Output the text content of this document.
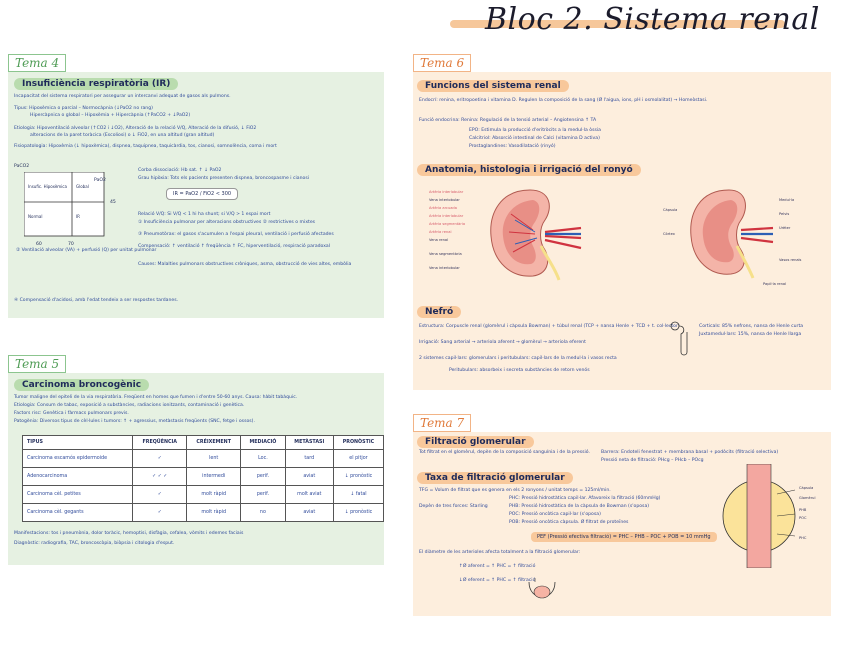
Bloc 2. Sistema renal
Tema 4
Insuficiència respiratòria (IR)
Incapacitat del sistema respiratori per assegurar un intercanvi adequat de gasos als pulmons.
Tipus: Hipoxèmica o parcial – Normocàpnia (↓PaO2 no rang)
Hipercàpnica o global – Hipoxèmia + Hipercàpnia (↑PaCO2 + ↓PaO2)
Etiologia: Hipoventilació alveolar (↑CO2 i ↓O2), Alteració de la relació V/Q, Alteració de la difusió, ↓ FiO2
alteracions de la paret toràcica (Escoliosi) o ↓ FiO2, en una altitud (gran altitud)
Fisiopatologia: Hipoxèmia (↓ hipoxèmica), dispnea, taquipnea, taquicàrdia, tos, cianosi, somnolència, coma i mort
PaCO2
Insufic. Hipoxèmica Global
Normal	IR
45
60	70
PaO2
Corba dissociació: Hb sat. ↑ ↓ PaO2
Grau hipòxia: Tots els pacients presenten dispnea, broncospasme i cianosi
IR = PaO2 / FiO2 < 300
Relació V/Q: Si V/Q < 1 hi ha shunt; si V/Q > 1 espai mort
① Insuficiència pulmonar per alteracions obstructives ② restrictives o mixtes
② Ventilació alveolar (VA) + perfusió (Q) per unitat pulmonar
③ Pneumotòrax: el gasos s'acumulen a l'espai pleural, ventilació i perfusió afectades
Compensació: ↑ ventilació ↑ freqüència ↑ FC, hiperventilació, respiració paradoxal
Causes: Malalties pulmonars obstructives cròniques, asma, obstrucció de vies altes, embòlia
④ Compensació d'acidosi, amb l'edat tendeix a ser respostes tardanes.
Tema 5
Carcinoma broncogènic
Tumor maligne del epiteli de la via respiratòria. Freqüent en homes que fumen i d'entre 50-60 anys. Causa: hàbit tabàquic.
Etiologia: Consum de tabac, exposició a substàncies, radiacions ionitzants, contaminació i genètica.
Factors risc: Genètica i fàrmacs pulmonars previs.
Patogènia: Diversos tipus de cèl·lules i tumors: ↑ + agressius, metàstasis freqüents (SNC, fetge i ossos).
TIPUS	FREQÜÈNCIA	CRÉIXEMENT	MEDIACIÓ	METÀSTASI	PRONÒSTIC
Carcinoma escamós epidermoide	✓	lent	Loc.	tard	el pitjor
Adenocarcinoma	✓ ✓ ✓	intermedi	perif.	aviat	↓ pronòstic
Carcinoma cèl. petites	✓	molt ràpid	perif.	molt aviat	↓ fatal
Carcinoma cèl. gegants	✓	molt ràpid	no	aviat	↓ pronòstic
Manifestacions: tos i pneumònia, dolor toràcic, hemoptisi, disfàgia, cefalea, vòmits i edemes faciais
Diagnòstic: radiografia, TAC, broncoscòpia, biòpsia i citologia d'esput.
Tema 6
Funcions del sistema renal
Endocrí: renina, eritropoetina i vitamina D. Regulen la composició de la sang (Ø l'aigua, ions, pH i osmolalitat) → Homeòstasi.
Funció endocrina: Renina: Regulació de la tensió arterial – Angiotensina ↑ TA
EPO: Estimula la producció d'eritròcits a la medul·la òssia
Calcitriol: Absorció intestinal de Calci (vitamina D activa)
Prostaglandines: Vasodilatació (rinyó)
Anatomia, histologia i irrigació del ronyó
Artèria interlobular
Vena interlobular
Artèria arcuada
Artèria interlobular
Artèria segmentària
Artèria renal
Vena renal
Vena segmentària
Vena interlobular
Càpsula
Medul·la
Pelvis
Urèter
Còrtex
Vasos renals
Papil·la renal
Nefró
Estructura: Corpuscle renal (glomèrul i càpsula Bowman) + túbul renal (TCP + nansa Henle + TCD + t. col·lector)
Irrigació: Sang arterial → arteriola aferent → glomèrul → arteriola eferent
2 sistemes capil·lars: glomerulars i peritubulars: capil·lars de la medul·la i vasos recta
Peritubulars: absorbeix i secreta substàncies de retorn venós
Corticals: 85% nefrons, nansa de Henle curta
Juxtamedul·lars: 15%, nansa de Henle llarga
Tema 7
Filtració glomerular
Tot filtrat en el glomèrul, depèn de la composició sanguínia i de la pressió. Barrera: Endoteli fenestrat + membrana basal + podòcits (filtració selectiva)
Pressió neta de filtració: PHcg – PHcb – POcg
Taxa de filtració glomerular
TFG = Volum de filtrat que es genera en els 2 ronyons / unitat temps = 125ml/min.
Depèn de tres forces: Starling
PHC: Pressió hidrostàtica capil·lar. Afavoreix la filtració (60mmHg)
PHB: Pressió hidrostàtica de la càpsula de Bowman (s'oposa)
POC: Pressió oncòtica capil·lar (s'oposa)
POB: Pressió oncòtica càpsula. Ø filtrat de proteïnes
PEF (Pressió efectiva filtració) = PHC – PHB – POC + POB = 10 mmHg
El diàmetre de les arterioles afecta totalment a la filtració glomerular:
↑Ø aferent = ↑ PHC = ↑ filtració
↓Ø eferent = ↑ PHC = ↑ filtració
Càpsula
Glomèrul
PHB
POC
PHC
